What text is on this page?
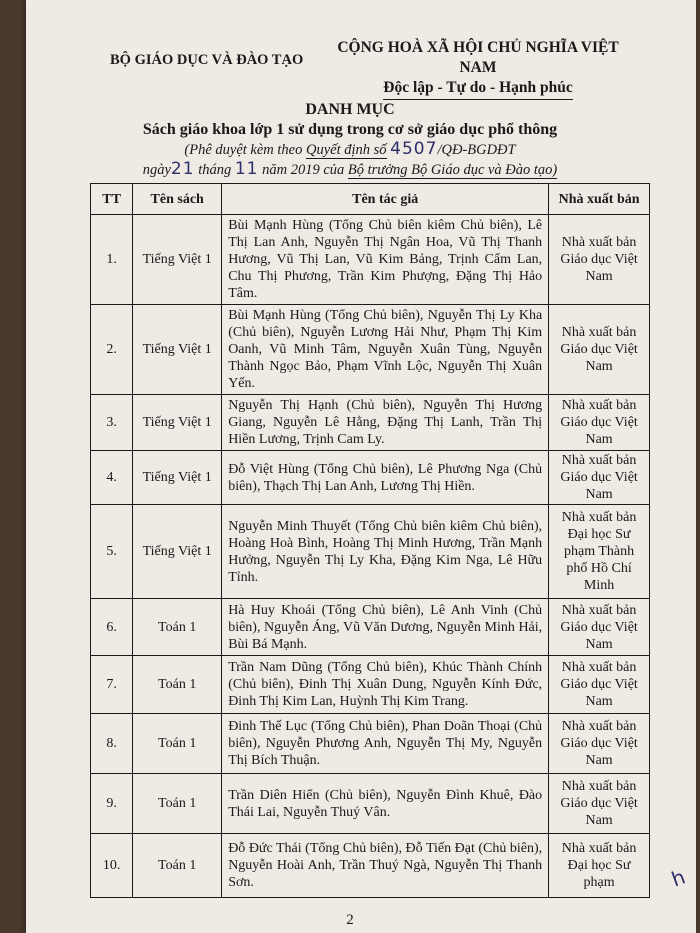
BỘ GIÁO DỤC VÀ ĐÀO TẠO
CỘNG HOÀ XÃ HỘI CHỦ NGHĨA VIỆT NAM
Độc lập - Tự do - Hạnh phúc
DANH MỤC
Sách giáo khoa lớp 1 sử dụng trong cơ sở giáo dục phổ thông
(Phê duyệt kèm theo Quyết định số 4507/QĐ-BGDĐT
ngày21 tháng 11 năm 2019 của Bộ trưởng Bộ Giáo dục và Đào tạo)
TT	Tên sách	Tên tác giả	Nhà xuất bản
1.	Tiếng Việt 1	Bùi Mạnh Hùng (Tổng Chủ biên kiêm Chủ biên), Lê Thị Lan Anh, Nguyễn Thị Ngân Hoa, Vũ Thị Thanh Hương, Vũ Thị Lan, Vũ Kim Bảng, Trịnh Cẩm Lan, Chu Thị Phương, Trần Kim Phượng, Đặng Thị Hảo Tâm.	Nhà xuất bản Giáo dục Việt Nam
2.	Tiếng Việt 1	Bùi Mạnh Hùng (Tổng Chủ biên), Nguyễn Thị Ly Kha (Chủ biên), Nguyễn Lương Hải Như, Phạm Thị Kim Oanh, Vũ Minh Tâm, Nguyễn Xuân Tùng, Nguyễn Thành Ngọc Bảo, Phạm Vĩnh Lộc, Nguyễn Thị Xuân Yến.	Nhà xuất bản Giáo dục Việt Nam
3.	Tiếng Việt 1	Nguyễn Thị Hạnh (Chủ biên), Nguyễn Thị Hương Giang, Nguyễn Lê Hằng, Đặng Thị Lanh, Trần Thị Hiền Lương, Trịnh Cam Ly.	Nhà xuất bản Giáo dục Việt Nam
4.	Tiếng Việt 1	Đỗ Việt Hùng (Tổng Chủ biên), Lê Phương Nga (Chủ biên), Thạch Thị Lan Anh, Lương Thị Hiền.	Nhà xuất bản Giáo dục Việt Nam
5.	Tiếng Việt 1	Nguyễn Minh Thuyết (Tổng Chủ biên kiêm Chủ biên), Hoàng Hoà Bình, Hoàng Thị Minh Hương, Trần Mạnh Hưởng, Nguyễn Thị Ly Kha, Đặng Kim Nga, Lê Hữu Tỉnh.	Nhà xuất bản Đại học Sư phạm Thành phố Hồ Chí Minh
6.	Toán 1	Hà Huy Khoái (Tổng Chủ biên), Lê Anh Vinh (Chủ biên), Nguyễn Áng, Vũ Văn Dương, Nguyễn Minh Hải, Bùi Bá Mạnh.	Nhà xuất bản Giáo dục Việt Nam
7.	Toán 1	Trần Nam Dũng (Tổng Chủ biên), Khúc Thành Chính (Chủ biên), Đinh Thị Xuân Dung, Nguyễn Kính Đức, Đinh Thị Kim Lan, Huỳnh Thị Kim Trang.	Nhà xuất bản Giáo dục Việt Nam
8.	Toán 1	Đinh Thế Lục (Tổng Chủ biên), Phan Doãn Thoại (Chủ biên), Nguyễn Phương Anh, Nguyễn Thị My, Nguyễn Thị Bích Thuận.	Nhà xuất bản Giáo dục Việt Nam
9.	Toán 1	Trần Diên Hiển (Chủ biên), Nguyễn Đình Khuê, Đào Thái Lai, Nguyễn Thuý Vân.	Nhà xuất bản Giáo dục Việt Nam
10.	Toán 1	Đỗ Đức Thái (Tổng Chủ biên), Đỗ Tiến Đạt (Chủ biên), Nguyễn Hoài Anh, Trần Thuý Ngà, Nguyễn Thị Thanh Sơn.	Nhà xuất bản Đại học Sư phạm	h
2
